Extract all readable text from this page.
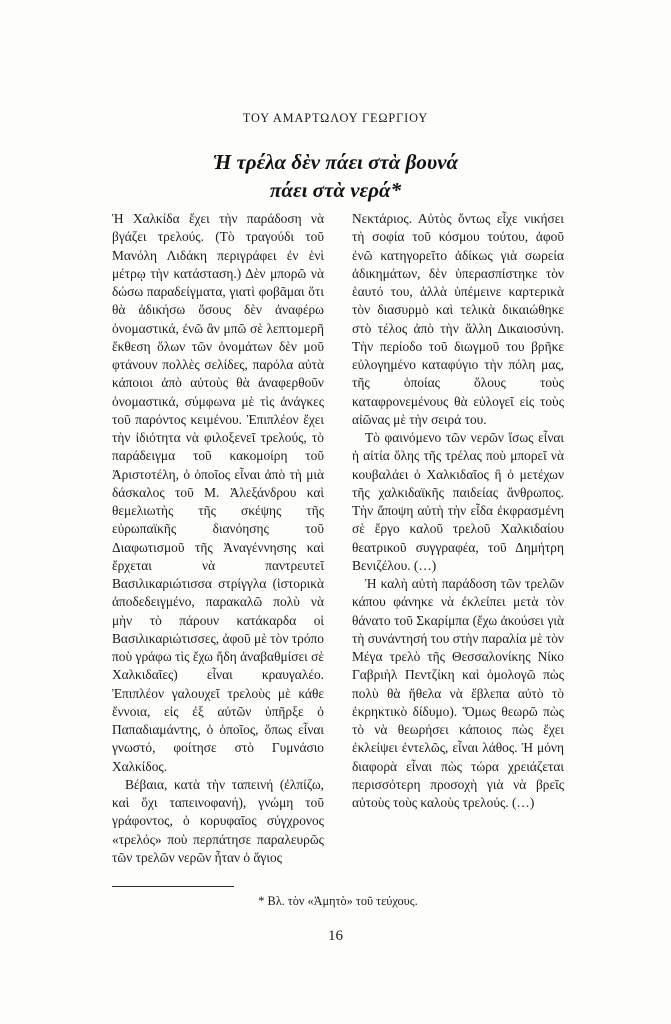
ΤΟΥ ΑΜΑΡΤΩΛΟΥ ΓΕΩΡΓΙΟΥ
Ἡ τρέλα δὲν πάει στὰ βουνά
πάει στὰ νερά*

Ἡ Χαλκίδα ἔχει τὴν παράδοση νὰ βγάζει τρελούς. (Τὸ τραγούδι τοῦ Μανόλη Λιδάκη περιγράφει ἐν ἑνὶ μέτρῳ τὴν κατάσταση.) Δὲν μπορῶ νὰ δώσω παραδείγματα, γιατὶ φοβᾶμαι ὅτι θὰ ἀδικήσω ὅσους δὲν ἀναφέρω ὀνομαστικά, ἐνῶ ἂν μπῶ σὲ λεπτομερῆ ἔκθεση ὅλων τῶν ὀνομάτων δὲν μοῦ φτάνουν πολλὲς σελίδες, παρόλα αὐτὰ κάποιοι ἀπὸ αὐτοὺς θὰ ἀναφερθοῦν ὀνομαστικά, σύμφωνα μὲ τὶς ἀνάγκες τοῦ παρόντος κειμένου. Ἐπιπλέον ἔχει τὴν ἰδιότητα νὰ φιλοξενεῖ τρελούς, τὸ παράδειγμα τοῦ κακομοίρη τοῦ Ἀριστοτέλη, ὁ ὁποῖος εἶναι ἀπὸ τὴ μιὰ δάσκαλος τοῦ Μ. Ἀλεξάνδρου καὶ θεμελιωτὴς τῆς σκέψης τῆς εὐρωπαϊκῆς διανόησης τοῦ Διαφωτισμοῦ τῆς Ἀναγέννησης καὶ ἔρχεται νὰ παντρευτεῖ Βασιλικαριώτισσα στρίγγλα (ἱστορικὰ ἀποδεδειγμένο, παρακαλῶ πολὺ νὰ μὴν τὸ πάρουν κατάκαρδα οἱ Βασιλικαριώτισσες, ἀφοῦ μὲ τὸν τρόπο ποὺ γράφω τὶς ἔχω ἤδη ἀναβαθμίσει σὲ Χαλκιδαῖες) εἶναι κραυγαλέο. Ἐπιπλέον γαλουχεῖ τρελοὺς μὲ κάθε ἔννοια, εἰς ἐξ αὐτῶν ὑπῆρξε ὁ Παπαδιαμάντης, ὁ ὁποῖος, ὅπως εἶναι γνωστό, φοίτησε στὸ Γυμνάσιο Χαλκίδος.

Βέβαια, κατὰ τὴν ταπεινή (ἐλπίζω, καὶ ὄχι ταπεινοφανή), γνώμη τοῦ γράφοντος, ὁ κορυφαῖος σύγχρονος «τρελός» ποὺ περπάτησε παραλευρῶς τῶν τρελῶν νερῶν ἦταν ὁ ἅγιος

Νεκτάριος. Αὐτὸς ὄντως εἶχε νικήσει τὴ σοφία τοῦ κόσμου τούτου, ἀφοῦ ἐνῶ κατηγορεῖτο ἀδίκως γιὰ σωρεία ἀδικημάτων, δὲν ὑπερασπίστηκε τὸν ἑαυτό του, ἀλλὰ ὑπέμεινε καρτερικὰ τὸν διασυρμὸ καὶ τελικὰ δικαιώθηκε στὸ τέλος ἀπὸ τὴν ἄλλη Δικαιοσύνη. Τὴν περίοδο τοῦ διωγμοῦ του βρῆκε εὐλογημένο καταφύγιο τὴν πόλη μας, τῆς ὁποίας ὅλους τοὺς καταφρονεμένους θὰ εὐλογεῖ εἰς τοὺς αἰῶνας μὲ τὴν σειρά του.

Τὸ φαινόμενο τῶν νερῶν ἴσως εἶναι ἡ αἰτία ὅλης τῆς τρέλας ποὺ μπορεῖ νὰ κουβαλάει ὁ Χαλκιδαῖος ἢ ὁ μετέχων τῆς χαλκιδαϊκῆς παιδείας ἄνθρωπος. Τὴν ἄποψη αὐτὴ τὴν εἶδα ἐκφρασμένη σὲ ἔργο καλοῦ τρελοῦ Χαλκιδαίου θεατρικοῦ συγγραφέα, τοῦ Δημήτρη Βενιζέλου. (…)

Ἡ καλὴ αὐτὴ παράδοση τῶν τρελῶν κάπου φάνηκε νὰ ἐκλείπει μετὰ τὸν θάνατο τοῦ Σκαρίμπα (ἔχω ἀκούσει γιὰ τὴ συνάντησή του στὴν παραλία μὲ τὸν Μέγα τρελὸ τῆς Θεσσαλονίκης Νίκο Γαβριὴλ Πεντζίκη καὶ ὁμολογῶ πὼς πολὺ θὰ ἤθελα νὰ ἔβλεπα αὐτὸ τὸ ἐκρηκτικὸ δίδυμο). Ὅμως θεωρῶ πὼς τὸ νὰ θεωρήσει κάποιος πὼς ἔχει ἐκλείψει ἐντελῶς, εἶναι λάθος. Ἡ μόνη διαφορὰ εἶναι πὼς τώρα χρειάζεται περισσότερη προσοχὴ γιὰ νὰ βρεῖς αὐτοὺς τοὺς καλοὺς τρελούς. (…)

* Βλ. τὸν «Ἀμητὸ» τοῦ τεύχους.
16
